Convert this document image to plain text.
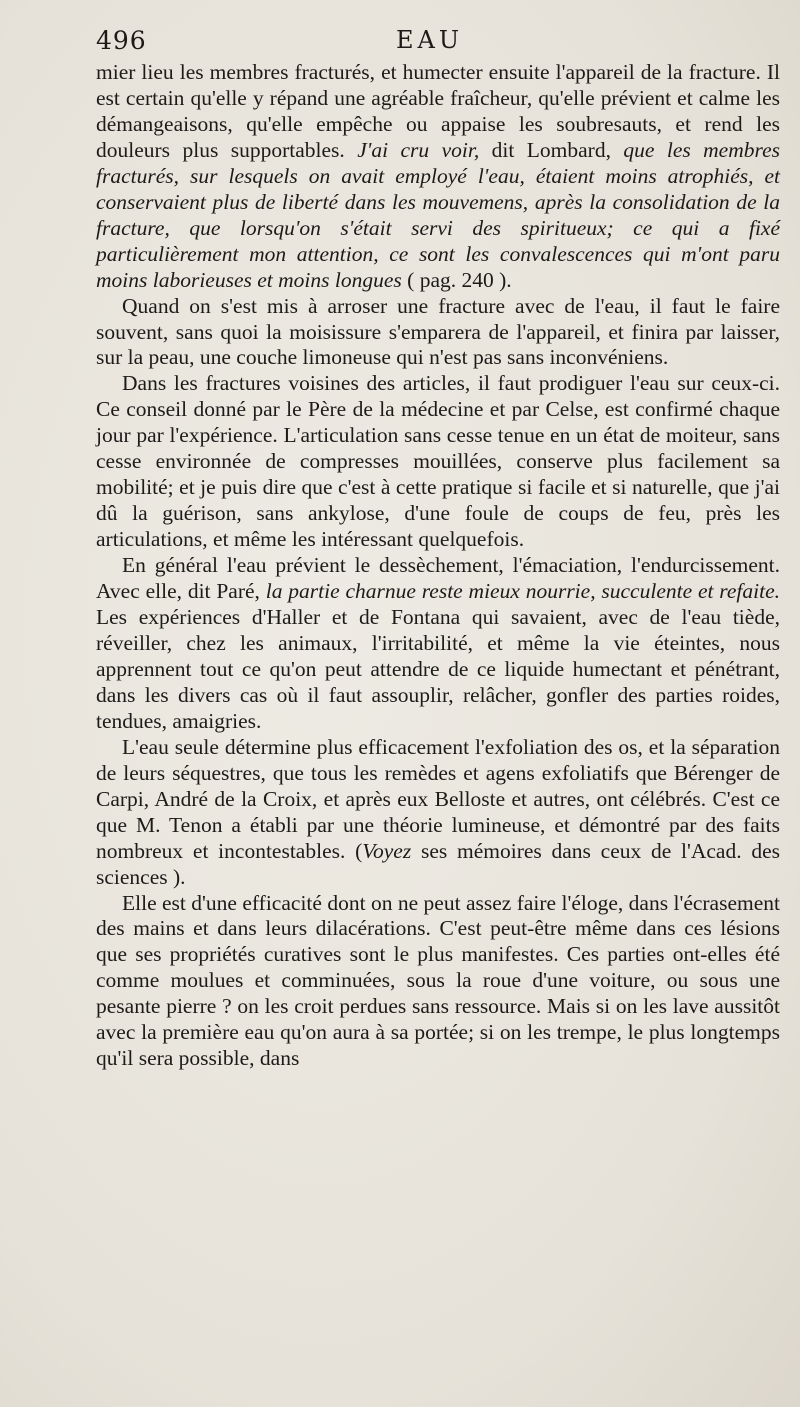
496	EAU

mier lieu les membres fracturés, et humecter ensuite l'appareil de la fracture. Il est certain qu'elle y répand une agréable fraîcheur, qu'elle prévient et calme les démangeaisons, qu'elle empêche ou appaise les soubresauts, et rend les douleurs plus supportables. J'ai cru voir, dit Lombard, que les membres fracturés, sur lesquels on avait employé l'eau, étaient moins atrophiés, et conservaient plus de liberté dans les mouvemens, après la consolidation de la fracture, que lorsqu'on s'était servi des spiritueux; ce qui a fixé particulièrement mon attention, ce sont les convalescences qui m'ont paru moins laborieuses et moins longues ( pag. 240 ).

Quand on s'est mis à arroser une fracture avec de l'eau, il faut le faire souvent, sans quoi la moisissure s'emparera de l'appareil, et finira par laisser, sur la peau, une couche limoneuse qui n'est pas sans inconvéniens.

Dans les fractures voisines des articles, il faut prodiguer l'eau sur ceux-ci. Ce conseil donné par le Père de la médecine et par Celse, est confirmé chaque jour par l'expérience. L'articulation sans cesse tenue en un état de moiteur, sans cesse environnée de compresses mouillées, conserve plus facilement sa mobilité; et je puis dire que c'est à cette pratique si facile et si naturelle, que j'ai dû la guérison, sans ankylose, d'une foule de coups de feu, près les articulations, et même les intéressant quelquefois.

En général l'eau prévient le dessèchement, l'émaciation, l'endurcissement. Avec elle, dit Paré, la partie charnue reste mieux nourrie, succulente et refaite. Les expériences d'Haller et de Fontana qui savaient, avec de l'eau tiède, réveiller, chez les animaux, l'irritabilité, et même la vie éteintes, nous apprennent tout ce qu'on peut attendre de ce liquide humectant et pénétrant, dans les divers cas où il faut assouplir, relâcher, gonfler des parties roides, tendues, amaigries.

L'eau seule détermine plus efficacement l'exfoliation des os, et la séparation de leurs séquestres, que tous les remèdes et agens exfoliatifs que Bérenger de Carpi, André de la Croix, et après eux Belloste et autres, ont célébrés. C'est ce que M. Tenon a établi par une théorie lumineuse, et démontré par des faits nombreux et incontestables. (Voyez ses mémoires dans ceux de l'Acad. des sciences ).

Elle est d'une efficacité dont on ne peut assez faire l'éloge, dans l'écrasement des mains et dans leurs dilacérations. C'est peut-être même dans ces lésions que ses propriétés curatives sont le plus manifestes. Ces parties ont-elles été comme moulues et comminuées, sous la roue d'une voiture, ou sous une pesante pierre ? on les croit perdues sans ressource. Mais si on les lave aussitôt avec la première eau qu'on aura à sa portée; si on les trempe, le plus longtemps qu'il sera possible, dans
